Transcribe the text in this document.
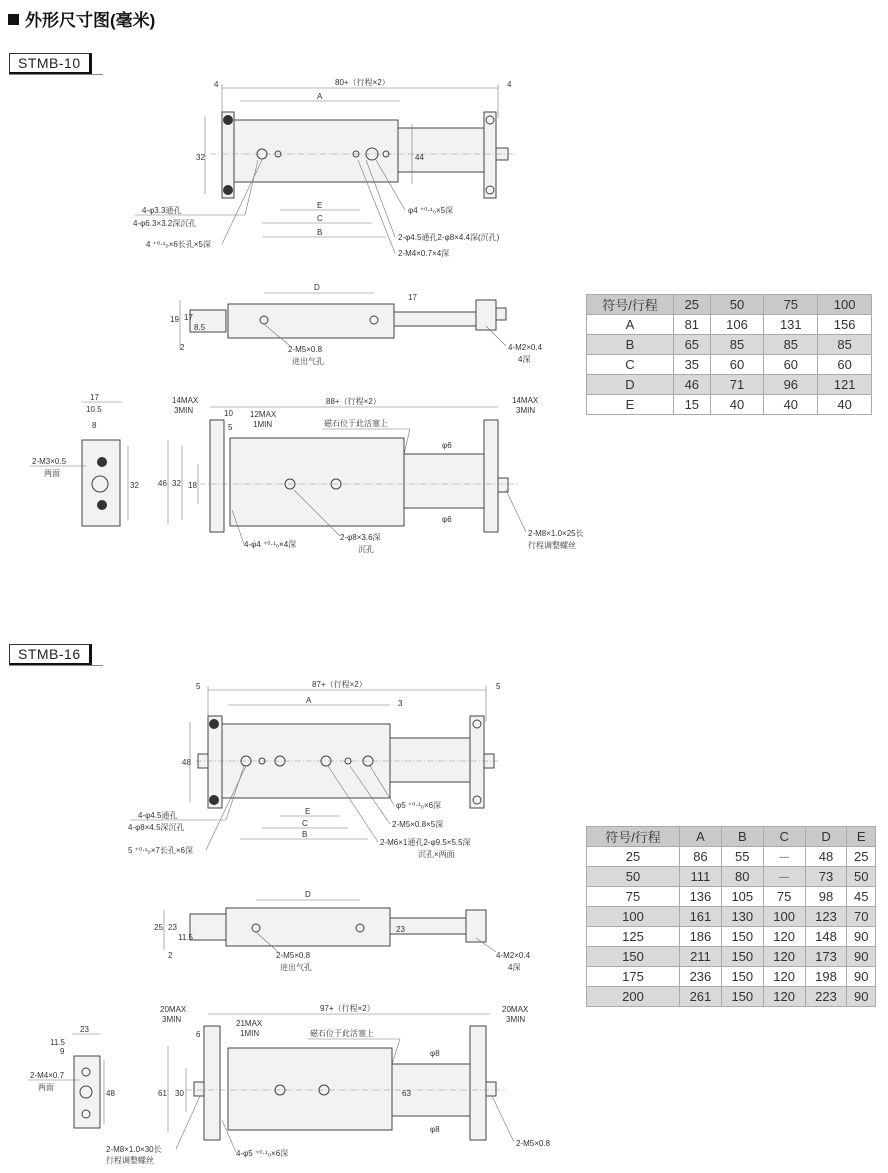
外形尺寸图(毫米)
STMB-10
STMB-16
80+（行程×2）
4	4
A
32	44
E
C
B
4-φ3.3通孔
4-φ6.3×3.2深沉孔
4 ⁺⁰·¹₀×6长孔×5深
φ4 ⁺⁰·¹₀×5深
2-φ4.5通孔2-φ8×4.4深(沉孔)
2-M4×0.7×4深
D
19 17
8.5
2
17
2-M5×0.8
进出气孔
4-M2×0.4
4深
17
10.5
8
32
2-M3×0.5
两面
88+（行程×2）
14MAX
3MIN	10 12MAX
1MIN
5
14MAX
3MIN
磁石位于此活塞上
46 32 18
φ6
φ6
4-φ4 ⁺⁰·¹₀×4深
2-φ8×3.6深
沉孔
2-M8×1.0×25长
行程调整螺丝
87+（行程×2）
5	5
A	3
48
E
C
B
4-φ4.5通孔
4-φ8×4.5深沉孔
5 ⁺⁰·¹₀×7长孔×6深
φ5 ⁺⁰·¹₀×6深
2-M5×0.8×5深
2-M6×1通孔2-φ9.5×5.5深
沉孔×两面
D
25 23
11.5
2
23
2-M5×0.8
进出气孔
4-M2×0.4
4深
23
11.5
9
48
2-M4×0.7
两面
97+（行程×2）
20MAX
3MIN
6
21MAX
1MIN
20MAX
3MIN
磁石位于此活塞上
61 30	63
φ8
φ8
2-M8×1.0×30长
行程调整螺丝
4-φ5 ⁺⁰·¹₀×6深
2-M5×0.8
符号/行程	25	50	75	100
A	81	106	131	156
B	65	85	85	85
C	35	60	60	60
D	46	71	96	121
E	15	40	40	40
符号/行程	A	B	C	D	E
25	86	55	－	48	25
50	111	80	－	73	50
75	136	105	75	98	45
100	161	130	100	123	70
125	186	150	120	148	90
150	211	150	120	173	90
175	236	150	120	198	90
200	261	150	120	223	90
